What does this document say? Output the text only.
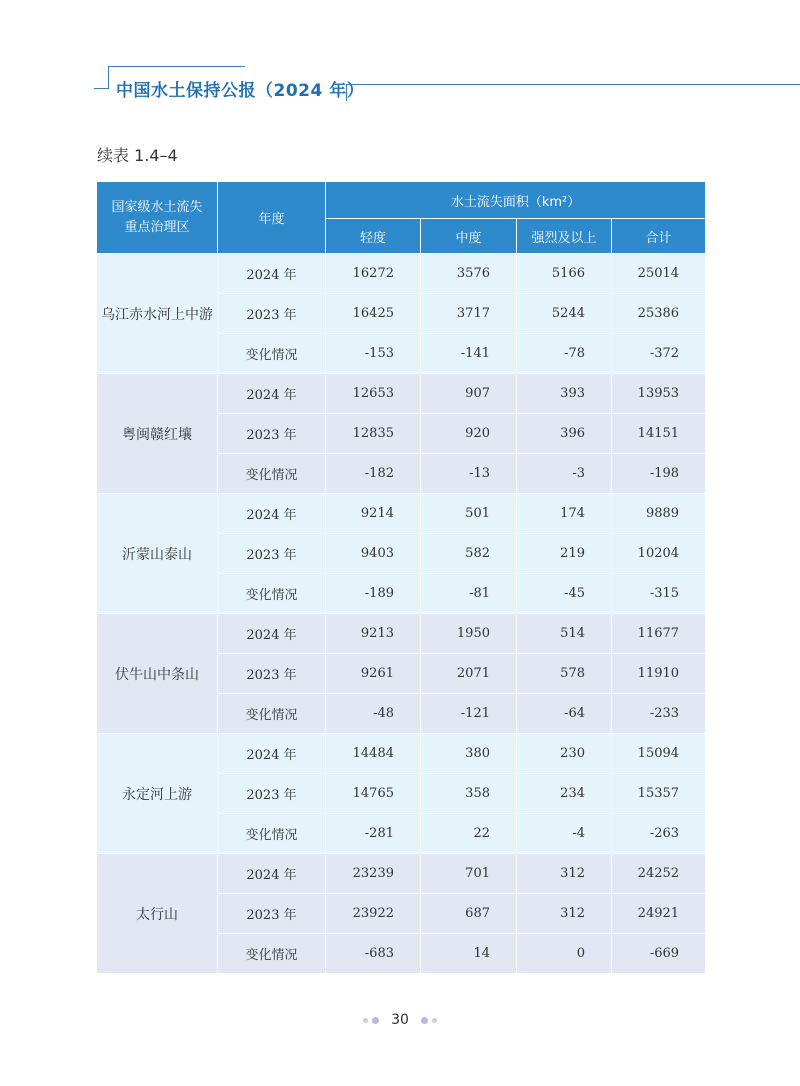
中国水土保持公报（2024 年）
续表 1.4–4
国家级水土流失重点治理区	年度	水土流失面积（km²）			
		轻度	中度	强烈及以上	合计
乌江赤水河上中游	2024 年	16272	3576	5166	25014
	2023 年	16425	3717	5244	25386
	变化情况	-153	-141	-78	-372
粤闽赣红壤	2024 年	12653	907	393	13953
	2023 年	12835	920	396	14151
	变化情况	-182	-13	-3	-198
沂蒙山泰山	2024 年	9214	501	174	9889
	2023 年	9403	582	219	10204
	变化情况	-189	-81	-45	-315
伏牛山中条山	2024 年	9213	1950	514	11677
	2023 年	9261	2071	578	11910
	变化情况	-48	-121	-64	-233
永定河上游	2024 年	14484	380	230	15094
	2023 年	14765	358	234	15357
	变化情况	-281	22	-4	-263
太行山	2024 年	23239	701	312	24252
	2023 年	23922	687	312	24921
	变化情况	-683	14	0	-669
30
